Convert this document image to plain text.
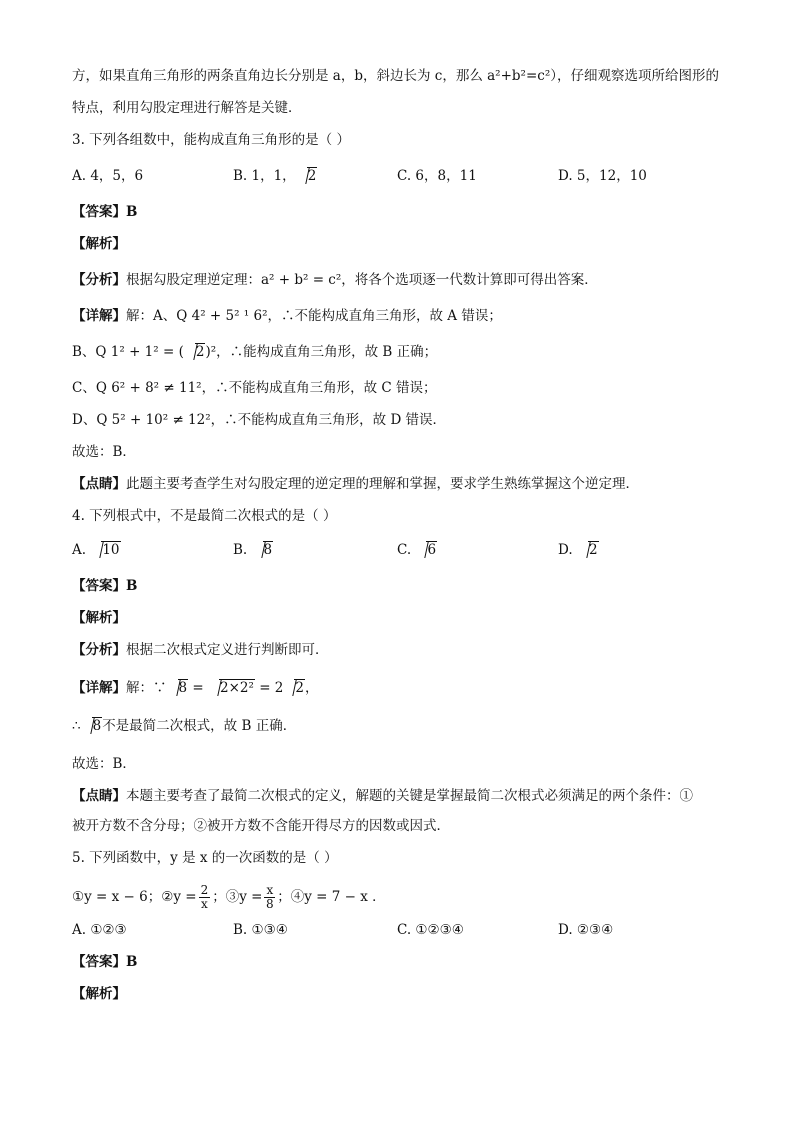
方，如果直角三角形的两条直角边长分别是 a，b，斜边长为 c，那么 a²+b²=c²），仔细观察选项所给图形的
特点，利用勾股定理进行解答是关键．
3. 下列各组数中，能构成直角三角形的是（ ）
A. 4，5，6	B. 1，1， 2	C. 6，8，11	D. 5，12，10
【答案】B
【解析】
【分析】根据勾股定理逆定理：a² + b² = c²，将各个选项逐一代数计算即可得出答案．
【详解】解：A、Q 4² + 5² ¹ 6²，∴不能构成直角三角形，故 A 错误；
B、Q 1² + 1² = ( 2)²，∴能构成直角三角形，故 B 正确；
C、Q 6² + 8² ≠ 11²，∴不能构成直角三角形，故 C 错误；
D、Q 5² + 10² ≠ 12²，∴不能构成直角三角形，故 D 错误．
故选：B．
【点睛】此题主要考查学生对勾股定理的逆定理的理解和掌握，要求学生熟练掌握这个逆定理．
4. 下列根式中，不是最简二次根式的是（ ）
A. 10	B. 8	C. 6	D. 2
【答案】B
【解析】
【分析】根据二次根式定义进行判断即可．
【详解】解：∵ 8 = 2×2² = 2 2，
∴ 8不是最简二次根式，故 B 正确．
故选：B．
【点睛】本题主要考查了最简二次根式的定义，解题的关键是掌握最简二次根式必须满足的两个条件：①
被开方数不含分母；②被开方数不含能开得尽方的因数或因式．
5. 下列函数中，y 是 x 的一次函数的是（ ）
①y = x − 6；②y = $\frac{2}{x}$ ；③y = $\frac{x}{8}$ ；④y = 7 − x ．
A. ①②③	B. ①③④	C. ①②③④	D. ②③④
【答案】B
【解析】
